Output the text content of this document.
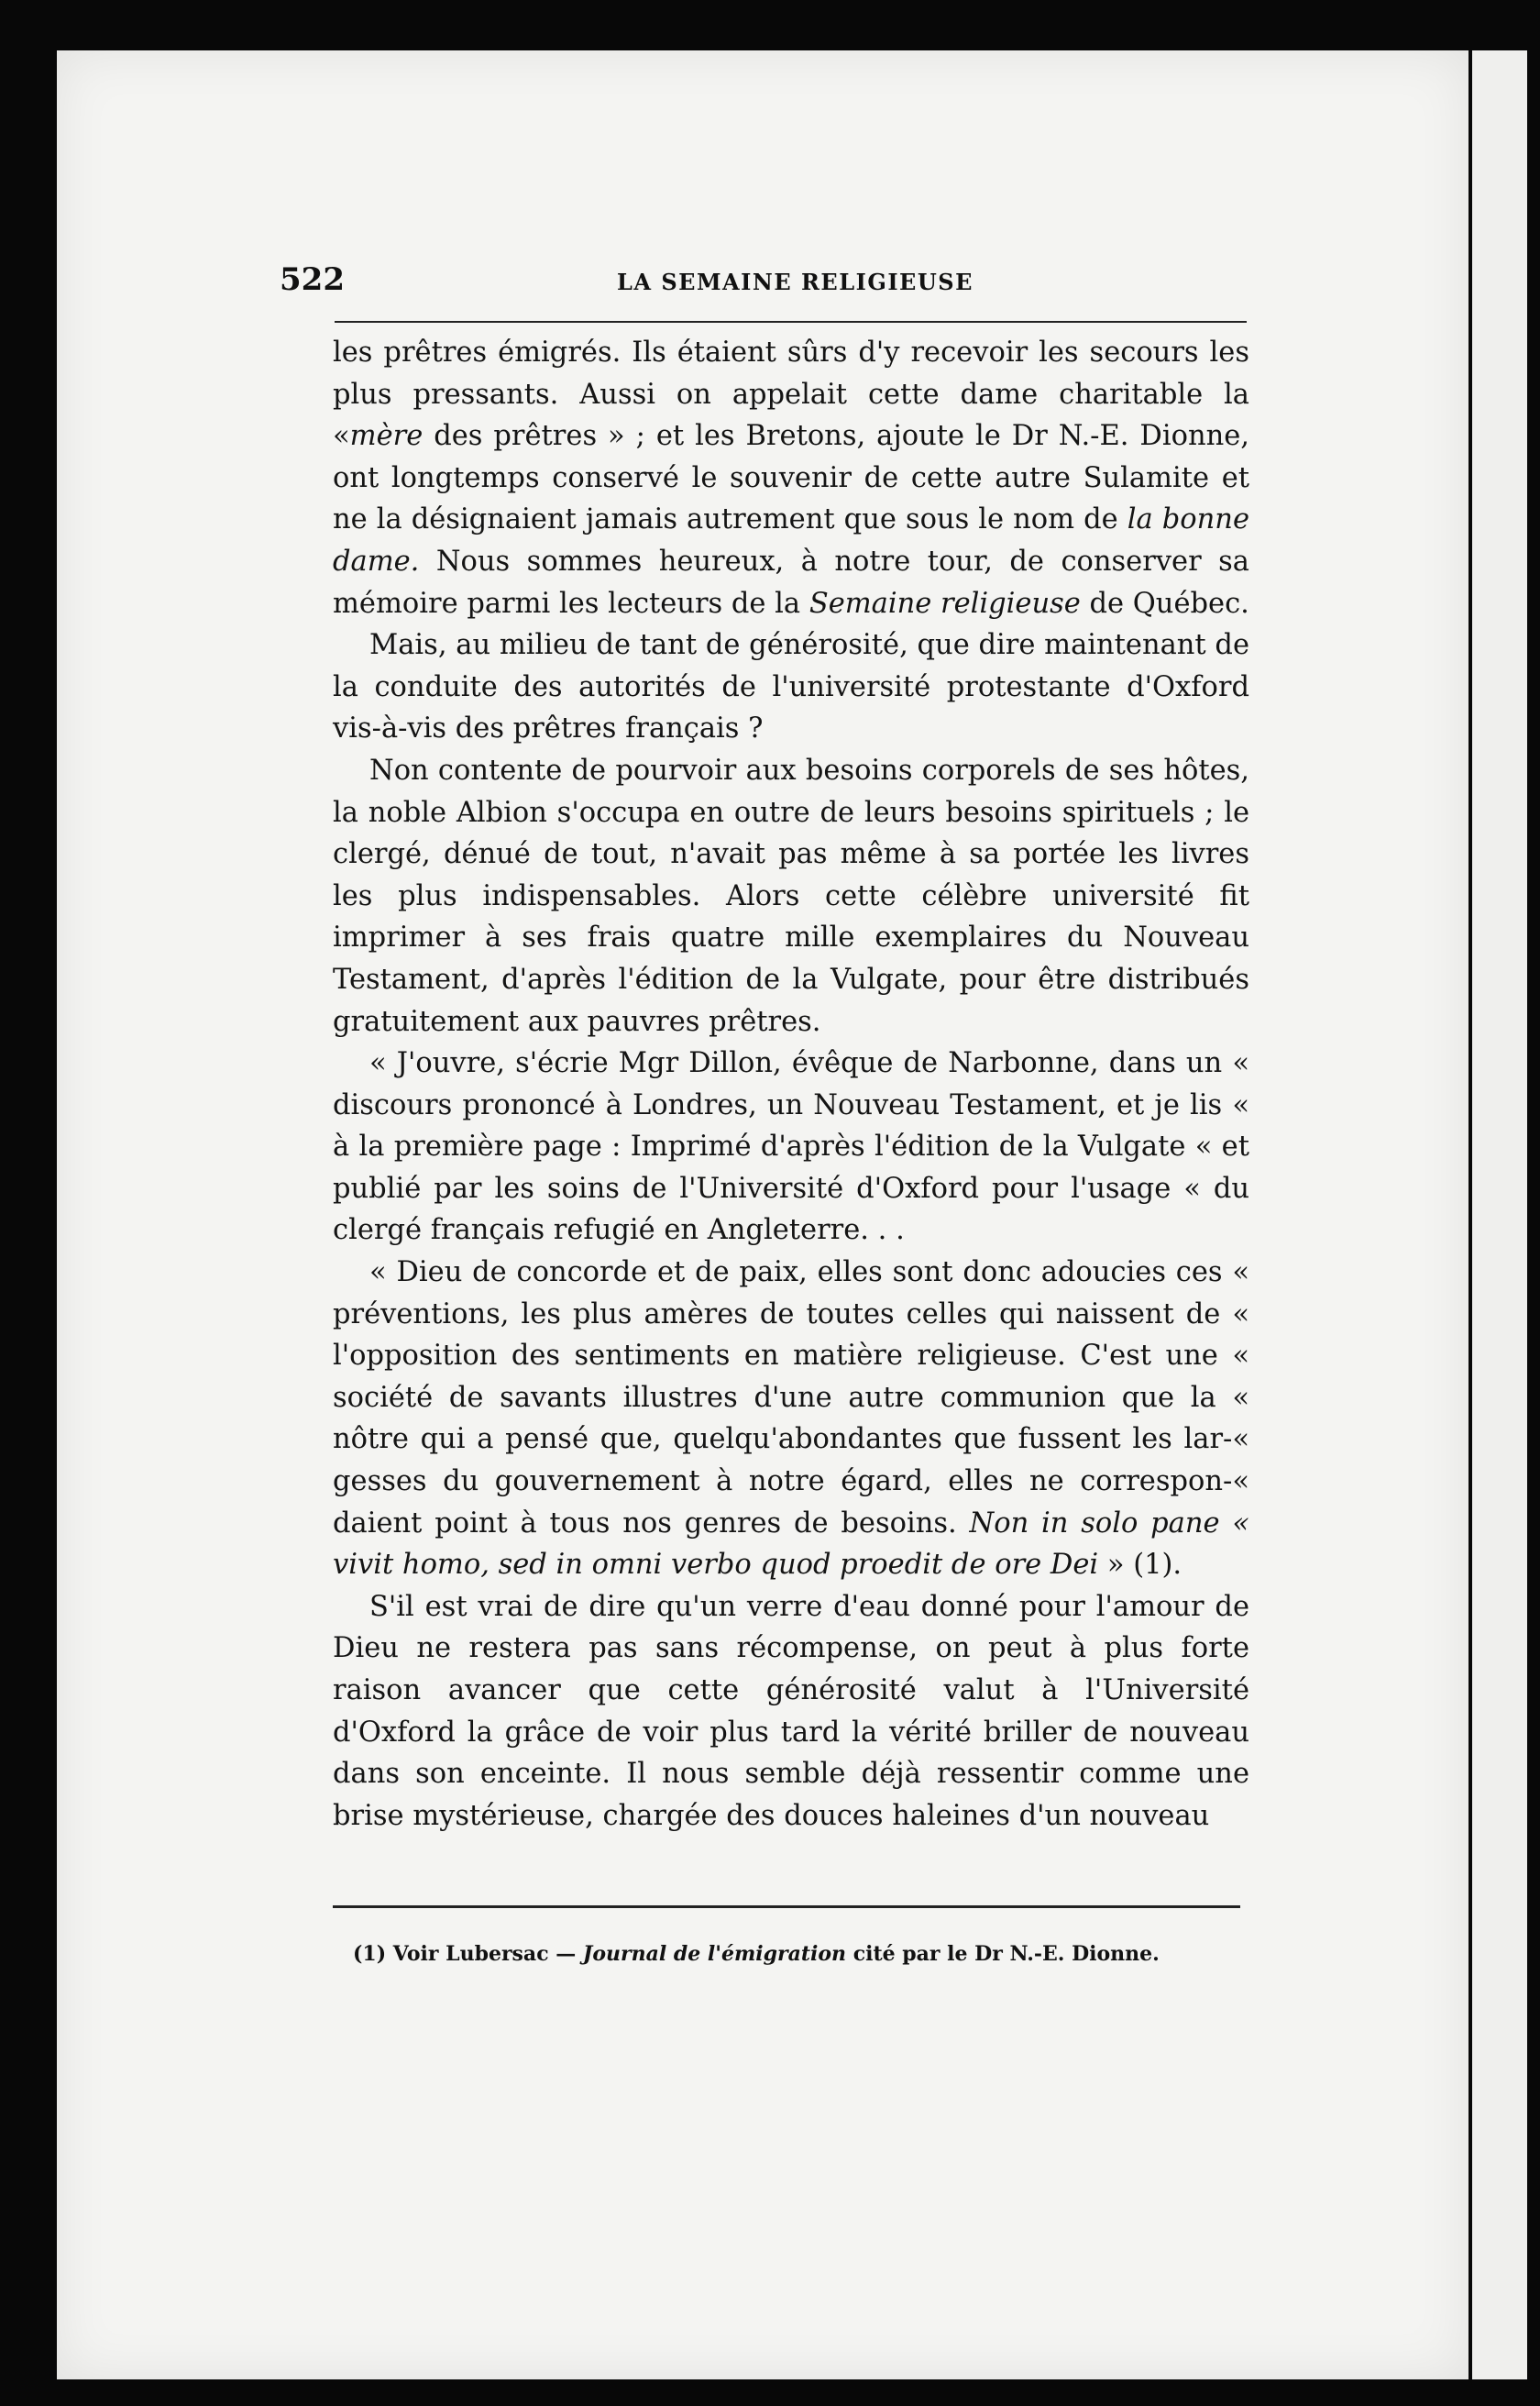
522	LA SEMAINE RELIGIEUSE

les prêtres émigrés. Ils étaient sûrs d'y recevoir les secours les plus pressants. Aussi on appelait cette dame charitable la «mère des prêtres » ; et les Bretons, ajoute le Dr N.-E. Dionne, ont longtemps conservé le souvenir de cette autre Sulamite et ne la désignaient jamais autrement que sous le nom de la bonne dame. Nous sommes heureux, à notre tour, de conserver sa mémoire parmi les lecteurs de la Semaine religieuse de Québec.

Mais, au milieu de tant de générosité, que dire maintenant de la conduite des autorités de l'université protestante d'Oxford vis-à-vis des prêtres français ?

Non contente de pourvoir aux besoins corporels de ses hôtes, la noble Albion s'occupa en outre de leurs besoins spirituels ; le clergé, dénué de tout, n'avait pas même à sa portée les livres les plus indispensables. Alors cette célèbre université fit imprimer à ses frais quatre mille exemplaires du Nouveau Testament, d'après l'édition de la Vulgate, pour être distribués gratuitement aux pauvres prêtres.

« J'ouvre, s'écrie Mgr Dillon, évêque de Narbonne, dans un « discours prononcé à Londres, un Nouveau Testament, et je lis « à la première page : Imprimé d'après l'édition de la Vulgate « et publié par les soins de l'Université d'Oxford pour l'usage « du clergé français refugié en Angleterre. . .

« Dieu de concorde et de paix, elles sont donc adoucies ces « préventions, les plus amères de toutes celles qui naissent de « l'opposition des sentiments en matière religieuse. C'est une « société de savants illustres d'une autre communion que la « nôtre qui a pensé que, quelqu'abondantes que fussent les lar-« gesses du gouvernement à notre égard, elles ne correspon-« daient point à tous nos genres de besoins. Non in solo pane « vivit homo, sed in omni verbo quod proedit de ore Dei » (1).

S'il est vrai de dire qu'un verre d'eau donné pour l'amour de Dieu ne restera pas sans récompense, on peut à plus forte raison avancer que cette générosité valut à l'Université d'Oxford la grâce de voir plus tard la vérité briller de nouveau dans son enceinte. Il nous semble déjà ressentir comme une brise mystérieuse, chargée des douces haleines d'un nouveau

(1) Voir Lubersac — Journal de l'émigration cité par le Dr N.-E. Dionne.
